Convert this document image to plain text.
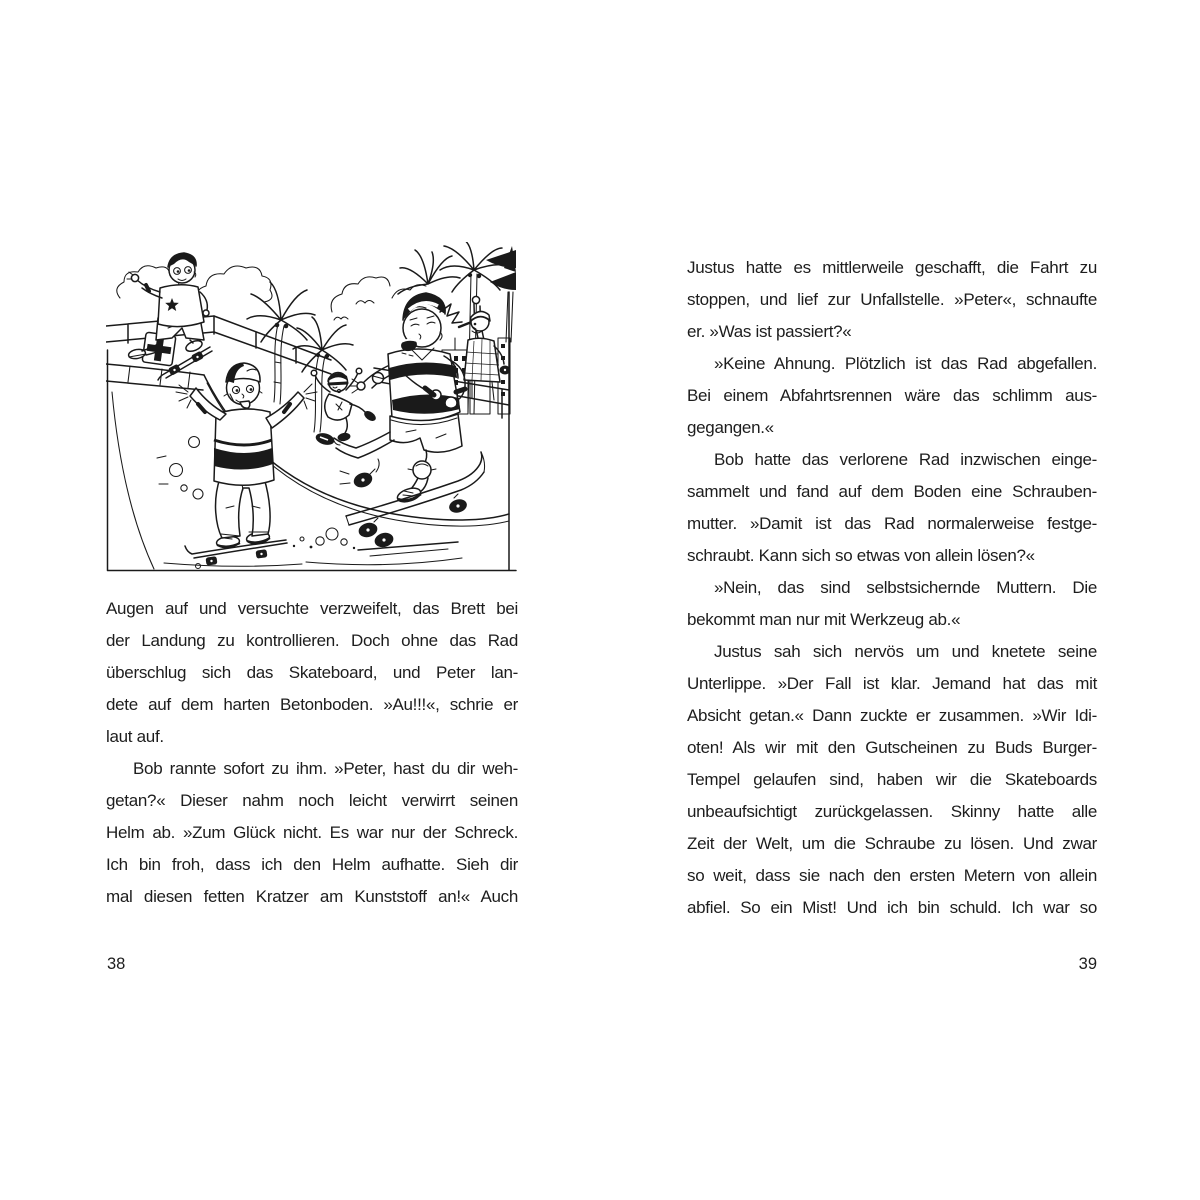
Augen auf und versuchte verzweifelt, das Brett bei
der Landung zu kontrollieren. Doch ohne das Rad
überschlug sich das Skateboard, und Peter lan-
dete auf dem harten Betonboden. »Au!!!«, schrie er
laut auf.
Bob rannte sofort zu ihm. »Peter, hast du dir weh-
getan?« Dieser nahm noch leicht verwirrt seinen
Helm ab. »Zum Glück nicht. Es war nur der Schreck.
Ich bin froh, dass ich den Helm aufhatte. Sieh dir
mal diesen fetten Kratzer am Kunststoff an!« Auch
Justus hatte es mittlerweile geschafft, die Fahrt zu
stoppen, und lief zur Unfallstelle. »Peter«, schnaufte
er. »Was ist passiert?«
»Keine Ahnung. Plötzlich ist das Rad abgefallen.
Bei einem Abfahrtsrennen wäre das schlimm aus-
gegangen.«
Bob hatte das verlorene Rad inzwischen einge-
sammelt und fand auf dem Boden eine Schrauben-
mutter. »Damit ist das Rad normalerweise festge-
schraubt. Kann sich so etwas von allein lösen?«
»Nein, das sind selbstsichernde Muttern. Die
bekommt man nur mit Werkzeug ab.«
Justus sah sich nervös um und knetete seine
Unterlippe. »Der Fall ist klar. Jemand hat das mit
Absicht getan.« Dann zuckte er zusammen. »Wir Idi-
oten! Als wir mit den Gutscheinen zu Buds Burger-
Tempel gelaufen sind, haben wir die Skateboards
unbeaufsichtigt zurückgelassen. Skinny hatte alle
Zeit der Welt, um die Schraube zu lösen. Und zwar
so weit, dass sie nach den ersten Metern von allein
abfiel. So ein Mist! Und ich bin schuld. Ich war so
38	39
